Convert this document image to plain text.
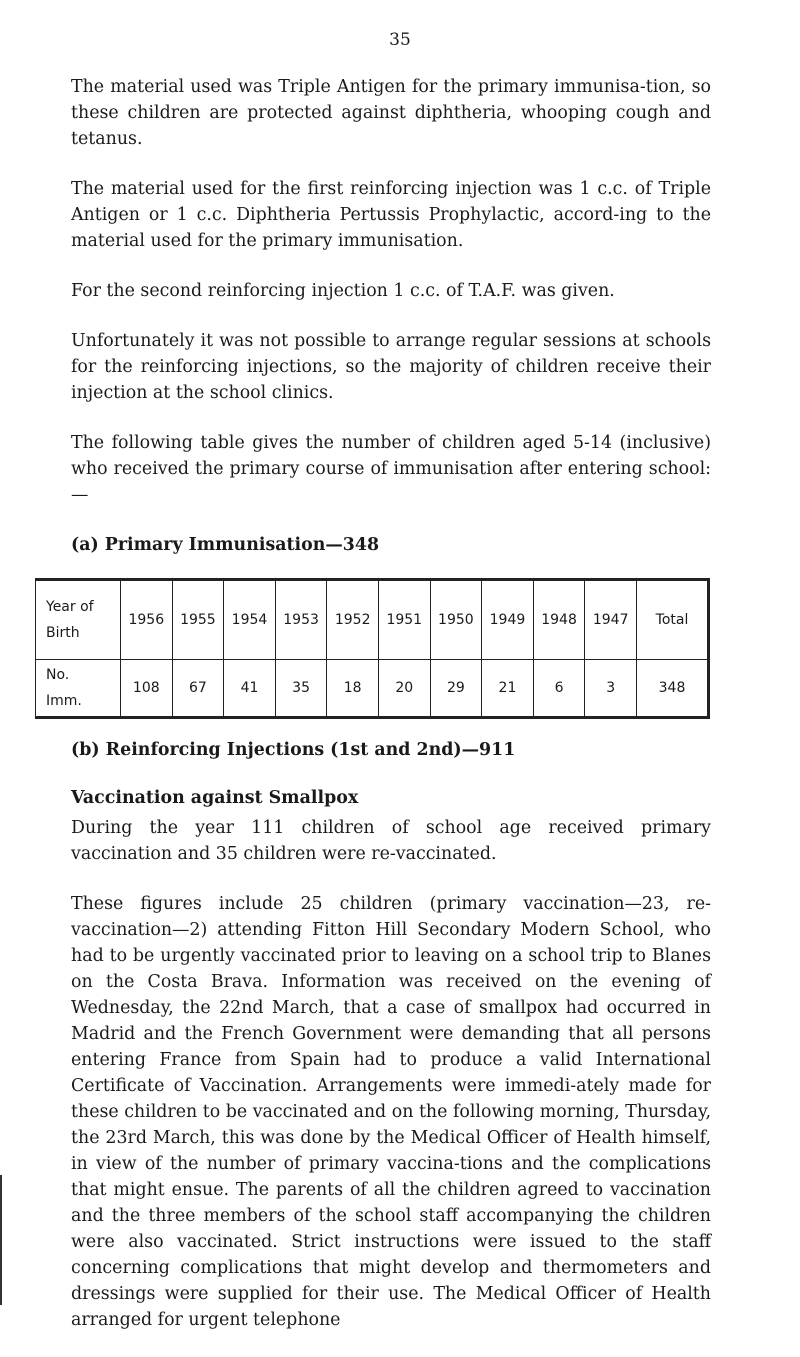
35

The material used was Triple Antigen for the primary immunisa-tion, so these children are protected against diphtheria, whooping cough and tetanus.

The material used for the first reinforcing injection was 1 c.c. of Triple Antigen or 1 c.c. Diphtheria Pertussis Prophylactic, accord-ing to the material used for the primary immunisation.

For the second reinforcing injection 1 c.c. of T.A.F. was given.

Unfortunately it was not possible to arrange regular sessions at schools for the reinforcing injections, so the majority of children receive their injection at the school clinics.

The following table gives the number of children aged 5-14 (inclusive) who received the primary course of immunisation after entering school: —

(a) Primary Immunisation—348
Year of
Birth	1956	1955	1954	1953	1952	1951	1950	1949	1948	1947	Total
No.
Imm.	108	67	41	35	18	20	29	21	6	3	348
(b) Reinforcing Injections (1st and 2nd)—911
Vaccination against Smallpox

During the year 111 children of school age received primary vaccination and 35 children were re-vaccinated.

These figures include 25 children (primary vaccination—23, re-vaccination—2) attending Fitton Hill Secondary Modern School, who had to be urgently vaccinated prior to leaving on a school trip to Blanes on the Costa Brava. Information was received on the evening of Wednesday, the 22nd March, that a case of smallpox had occurred in Madrid and the French Government were demanding that all persons entering France from Spain had to produce a valid International Certificate of Vaccination. Arrangements were immedi-ately made for these children to be vaccinated and on the following morning, Thursday, the 23rd March, this was done by the Medical Officer of Health himself, in view of the number of primary vaccina-tions and the complications that might ensue. The parents of all the children agreed to vaccination and the three members of the school staff accompanying the children were also vaccinated. Strict instructions were issued to the staff concerning complications that might develop and thermometers and dressings were supplied for their use. The Medical Officer of Health arranged for urgent telephone
